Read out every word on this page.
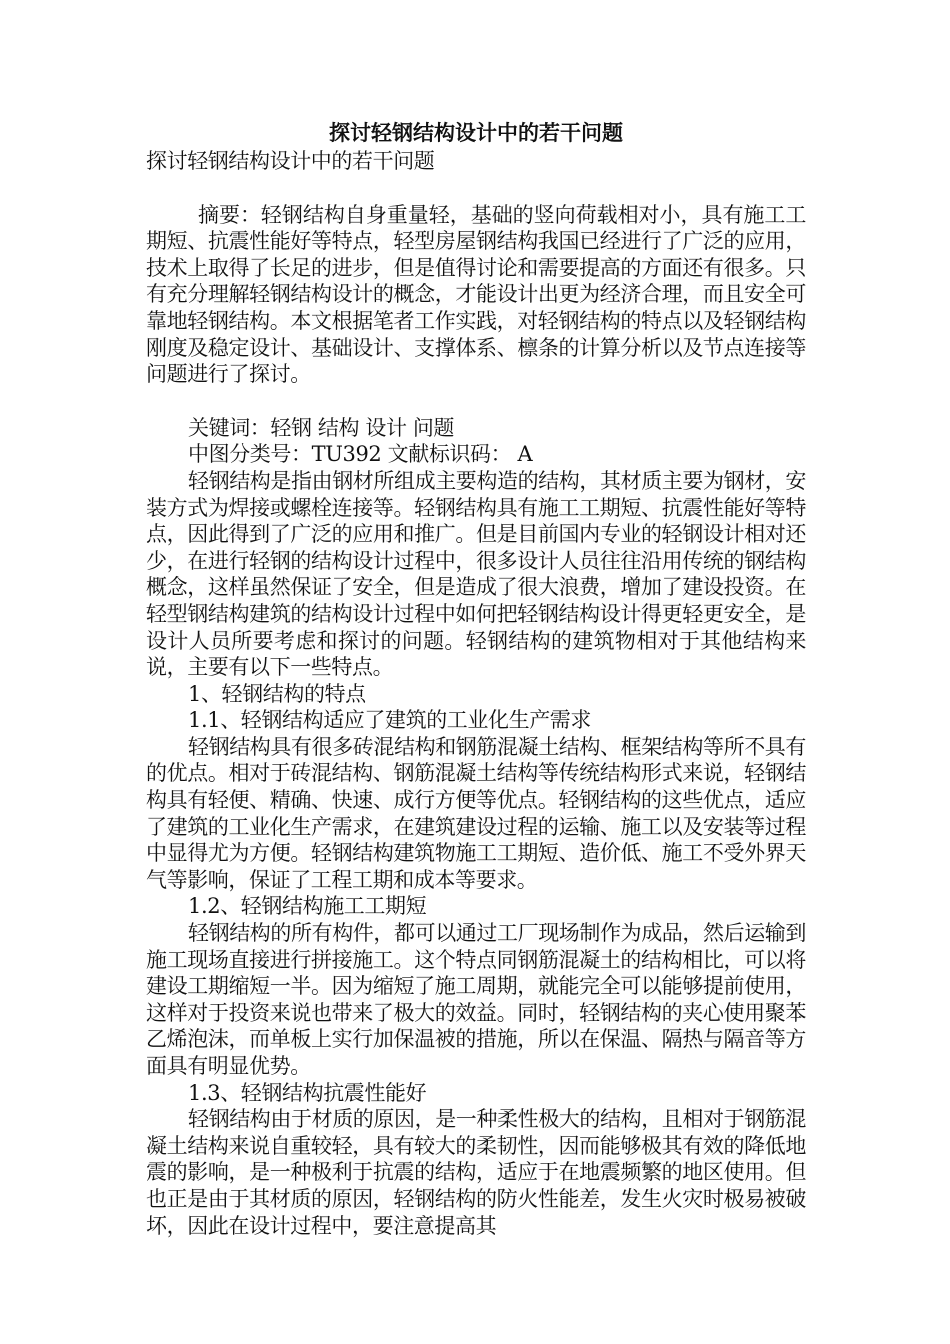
探讨轻钢结构设计中的若干问题

探讨轻钢结构设计中的若干问题

摘要：轻钢结构自身重量轻，基础的竖向荷载相对小，具有施工工期短、抗震性能好等特点，轻型房屋钢结构我国已经进行了广泛的应用，技术上取得了长足的进步，但是值得讨论和需要提高的方面还有很多。只有充分理解轻钢结构设计的概念，才能设计出更为经济合理，而且安全可靠地轻钢结构。本文根据笔者工作实践，对轻钢结构的特点以及轻钢结构刚度及稳定设计、基础设计、支撑体系、檩条的计算分析以及节点连接等问题进行了探讨。

关键词：轻钢 结构 设计 问题

中图分类号：TU392 文献标识码： A

轻钢结构是指由钢材所组成主要构造的结构，其材质主要为钢材，安装方式为焊接或螺栓连接等。轻钢结构具有施工工期短、抗震性能好等特点，因此得到了广泛的应用和推广。但是目前国内专业的轻钢设计相对还少，在进行轻钢的结构设计过程中，很多设计人员往往沿用传统的钢结构概念，这样虽然保证了安全，但是造成了很大浪费，增加了建设投资。在轻型钢结构建筑的结构设计过程中如何把轻钢结构设计得更轻更安全，是设计人员所要考虑和探讨的问题。轻钢结构的建筑物相对于其他结构来说，主要有以下一些特点。

1、轻钢结构的特点

1.1、轻钢结构适应了建筑的工业化生产需求

轻钢结构具有很多砖混结构和钢筋混凝土结构、框架结构等所不具有的优点。相对于砖混结构、钢筋混凝土结构等传统结构形式来说，轻钢结构具有轻便、精确、快速、成行方便等优点。轻钢结构的这些优点，适应了建筑的工业化生产需求，在建筑建设过程的运输、施工以及安装等过程中显得尤为方便。轻钢结构建筑物施工工期短、造价低、施工不受外界天气等影响，保证了工程工期和成本等要求。

1.2、轻钢结构施工工期短

轻钢结构的所有构件，都可以通过工厂现场制作为成品，然后运输到施工现场直接进行拼接施工。这个特点同钢筋混凝土的结构相比，可以将建设工期缩短一半。因为缩短了施工周期，就能完全可以能够提前使用，这样对于投资来说也带来了极大的效益。同时，轻钢结构的夹心使用聚苯乙烯泡沫，而单板上实行加保温被的措施，所以在保温、隔热与隔音等方面具有明显优势。

1.3、轻钢结构抗震性能好

轻钢结构由于材质的原因，是一种柔性极大的结构，且相对于钢筋混凝土结构来说自重较轻，具有较大的柔韧性，因而能够极其有效的降低地震的影响，是一种极利于抗震的结构，适应于在地震频繁的地区使用。但也正是由于其材质的原因，轻钢结构的防火性能差，发生火灾时极易被破坏，因此在设计过程中，要注意提高其
